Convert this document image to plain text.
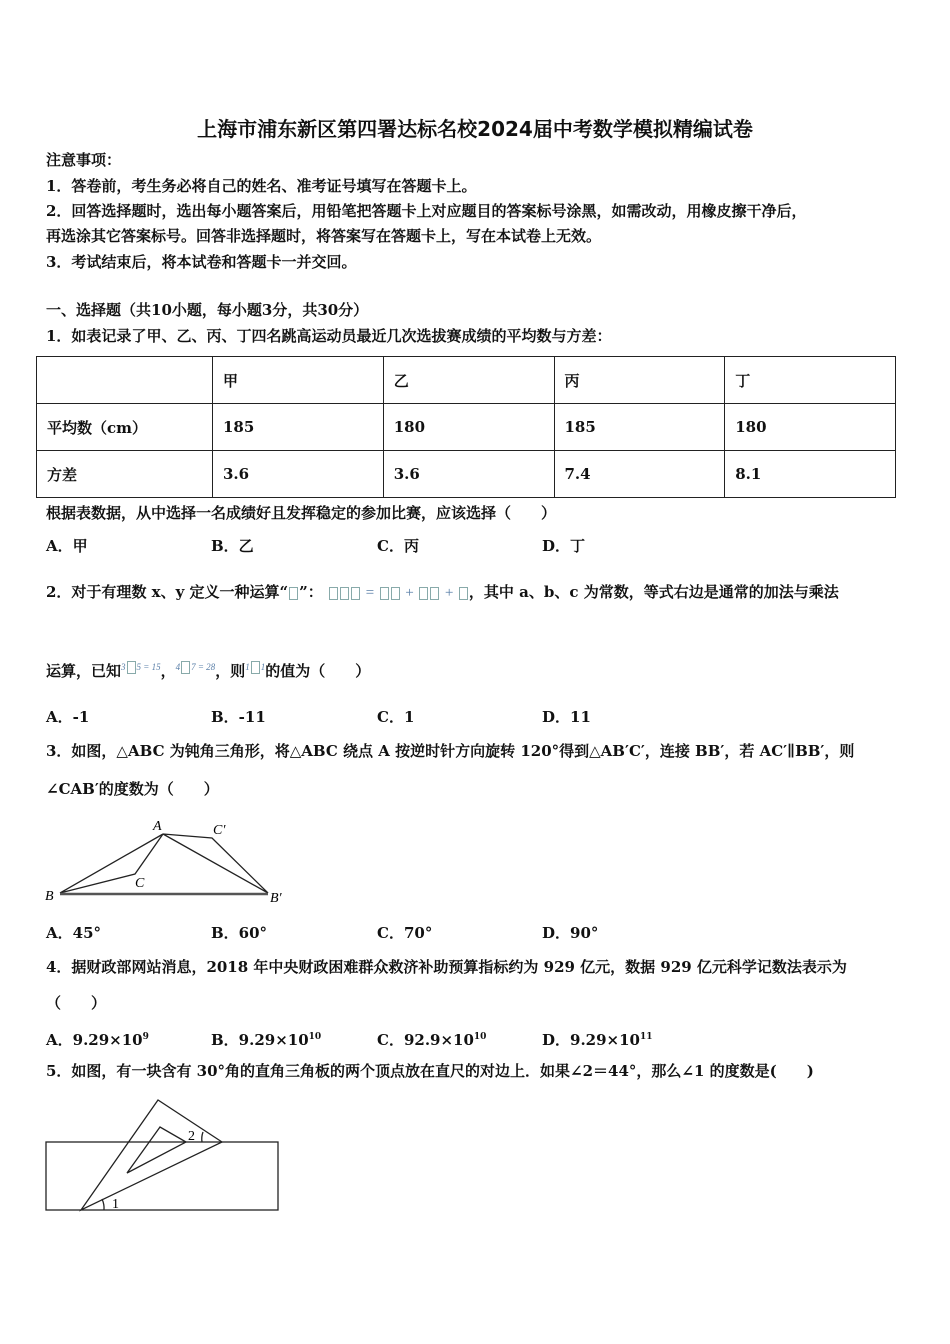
上海市浦东新区第四署达标名校2024届中考数学模拟精编试卷
注意事项：
1．答卷前，考生务必将自己的姓名、准考证号填写在答题卡上。
2．回答选择题时，选出每小题答案后，用铅笔把答题卡上对应题目的答案标号涂黑，如需改动，用橡皮擦干净后，
再选涂其它答案标号。回答非选择题时，将答案写在答题卡上，写在本试卷上无效。
3．考试结束后，将本试卷和答题卡一并交回。
一、选择题（共10小题，每小题3分，共30分）
1．如表记录了甲、乙、丙、丁四名跳高运动员最近几次选拔赛成绩的平均数与方差：
	甲	乙	丙	丁
平均数（cm）	185	180	185	180
方差	3.6	3.6	7.4	8.1
根据表数据，从中选择一名成绩好且发挥稳定的参加比赛，应该选择（　　）
A．甲	B．乙	C．丙	D．丁
2．对于有理数 x、y 定义一种运算“ ”：	= + + ，其中 a、b、c 为常数，等式右边是通常的加法与乘法
运算，已知$^{3 5 = 15}$，$^{4 7 = 28}$，则$^{1 1}$的值为（　　）
A．-1	B．-11	C．1	D．11
3．如图，△ABC 为钝角三角形，将△ABC 绕点 A 按逆时针方向旋转 120°得到△AB′C′，连接 BB′，若 AC′∥BB′，则
∠CAB′的度数为（　　）
A	C′
C
B	B′
A．45°	B．60°	C．70°	D．90°
4．据财政部网站消息，2018 年中央财政困难群众救济补助预算指标约为 929 亿元，数据 929 亿元科学记数法表示为
（　　）
A．$9.29\times 10^9$	B．$9.29\times 10^{10}$	C．$92.9\times 10^{10}$	D．$9.29\times 10^{11}$
5．如图，有一块含有 30°角的直角三角板的两个顶点放在直尺的对边上．如果∠2＝44°，那么∠1 的度数是(　　)
1
2
